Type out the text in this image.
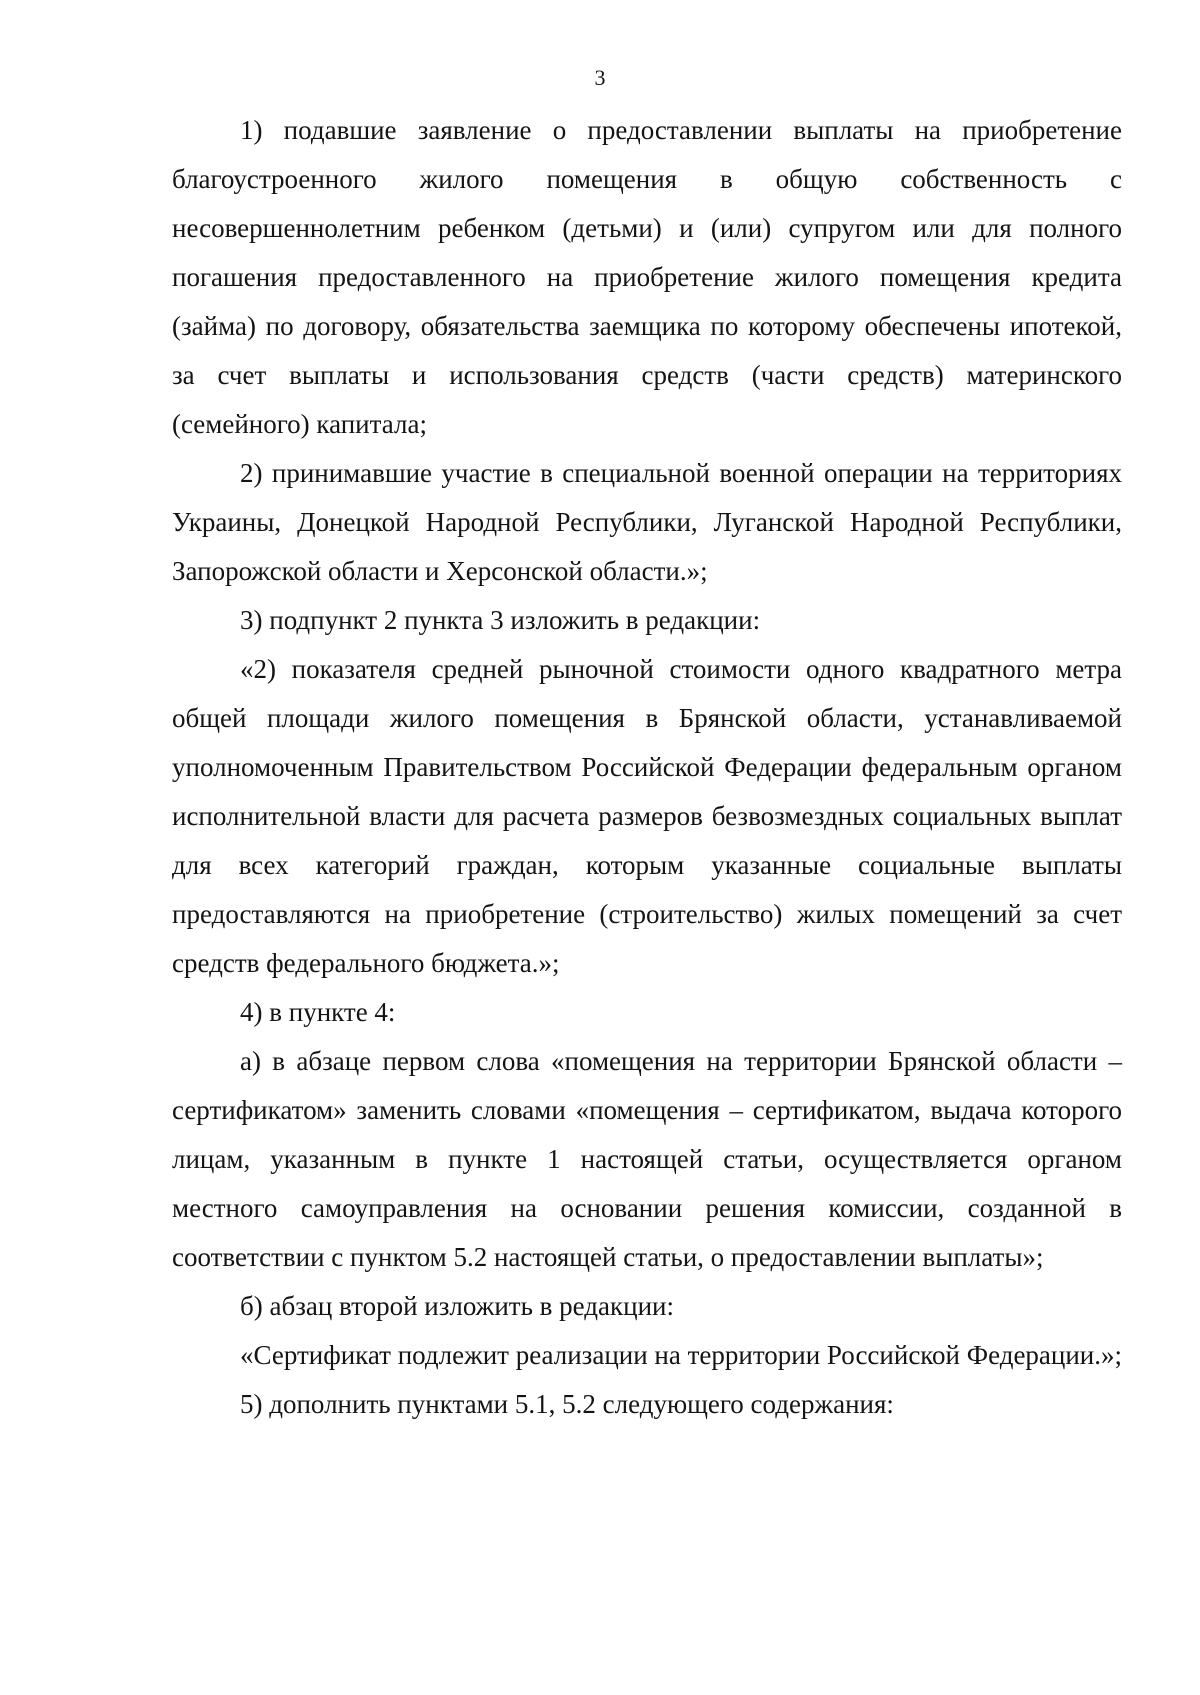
3

1) подавшие заявление о предоставлении выплаты на приобретение благоустроенного жилого помещения в общую собственность с несовершеннолетним ребенком (детьми) и (или) супругом или для полного погашения предоставленного на приобретение жилого помещения кредита (займа) по договору, обязательства заемщика по которому обеспечены ипотекой, за счет выплаты и использования средств (части средств) материнского (семейного) капитала;

2) принимавшие участие в специальной военной операции на территориях Украины, Донецкой Народной Республики, Луганской Народной Республики, Запорожской области и Херсонской области.»;

3) подпункт 2 пункта 3 изложить в редакции:

«2) показателя средней рыночной стоимости одного квадратного метра общей площади жилого помещения в Брянской области, устанавливаемой уполномоченным Правительством Российской Федерации федеральным органом исполнительной власти для расчета размеров безвозмездных социальных выплат для всех категорий граждан, которым указанные социальные выплаты предоставляются на приобретение (строительство) жилых помещений за счет средств федерального бюджета.»;

4) в пункте 4:

а) в абзаце первом слова «помещения на территории Брянской области – сертификатом» заменить словами «помещения – сертификатом, выдача которого лицам, указанным в пункте 1 настоящей статьи, осуществляется органом местного самоуправления на основании решения комиссии, созданной в соответствии с пунктом 5.2 настоящей статьи, о предоставлении выплаты»;

б) абзац второй изложить в редакции:

«Сертификат подлежит реализации на территории Российской Федерации.»;

5) дополнить пунктами 5.1, 5.2 следующего содержания:
